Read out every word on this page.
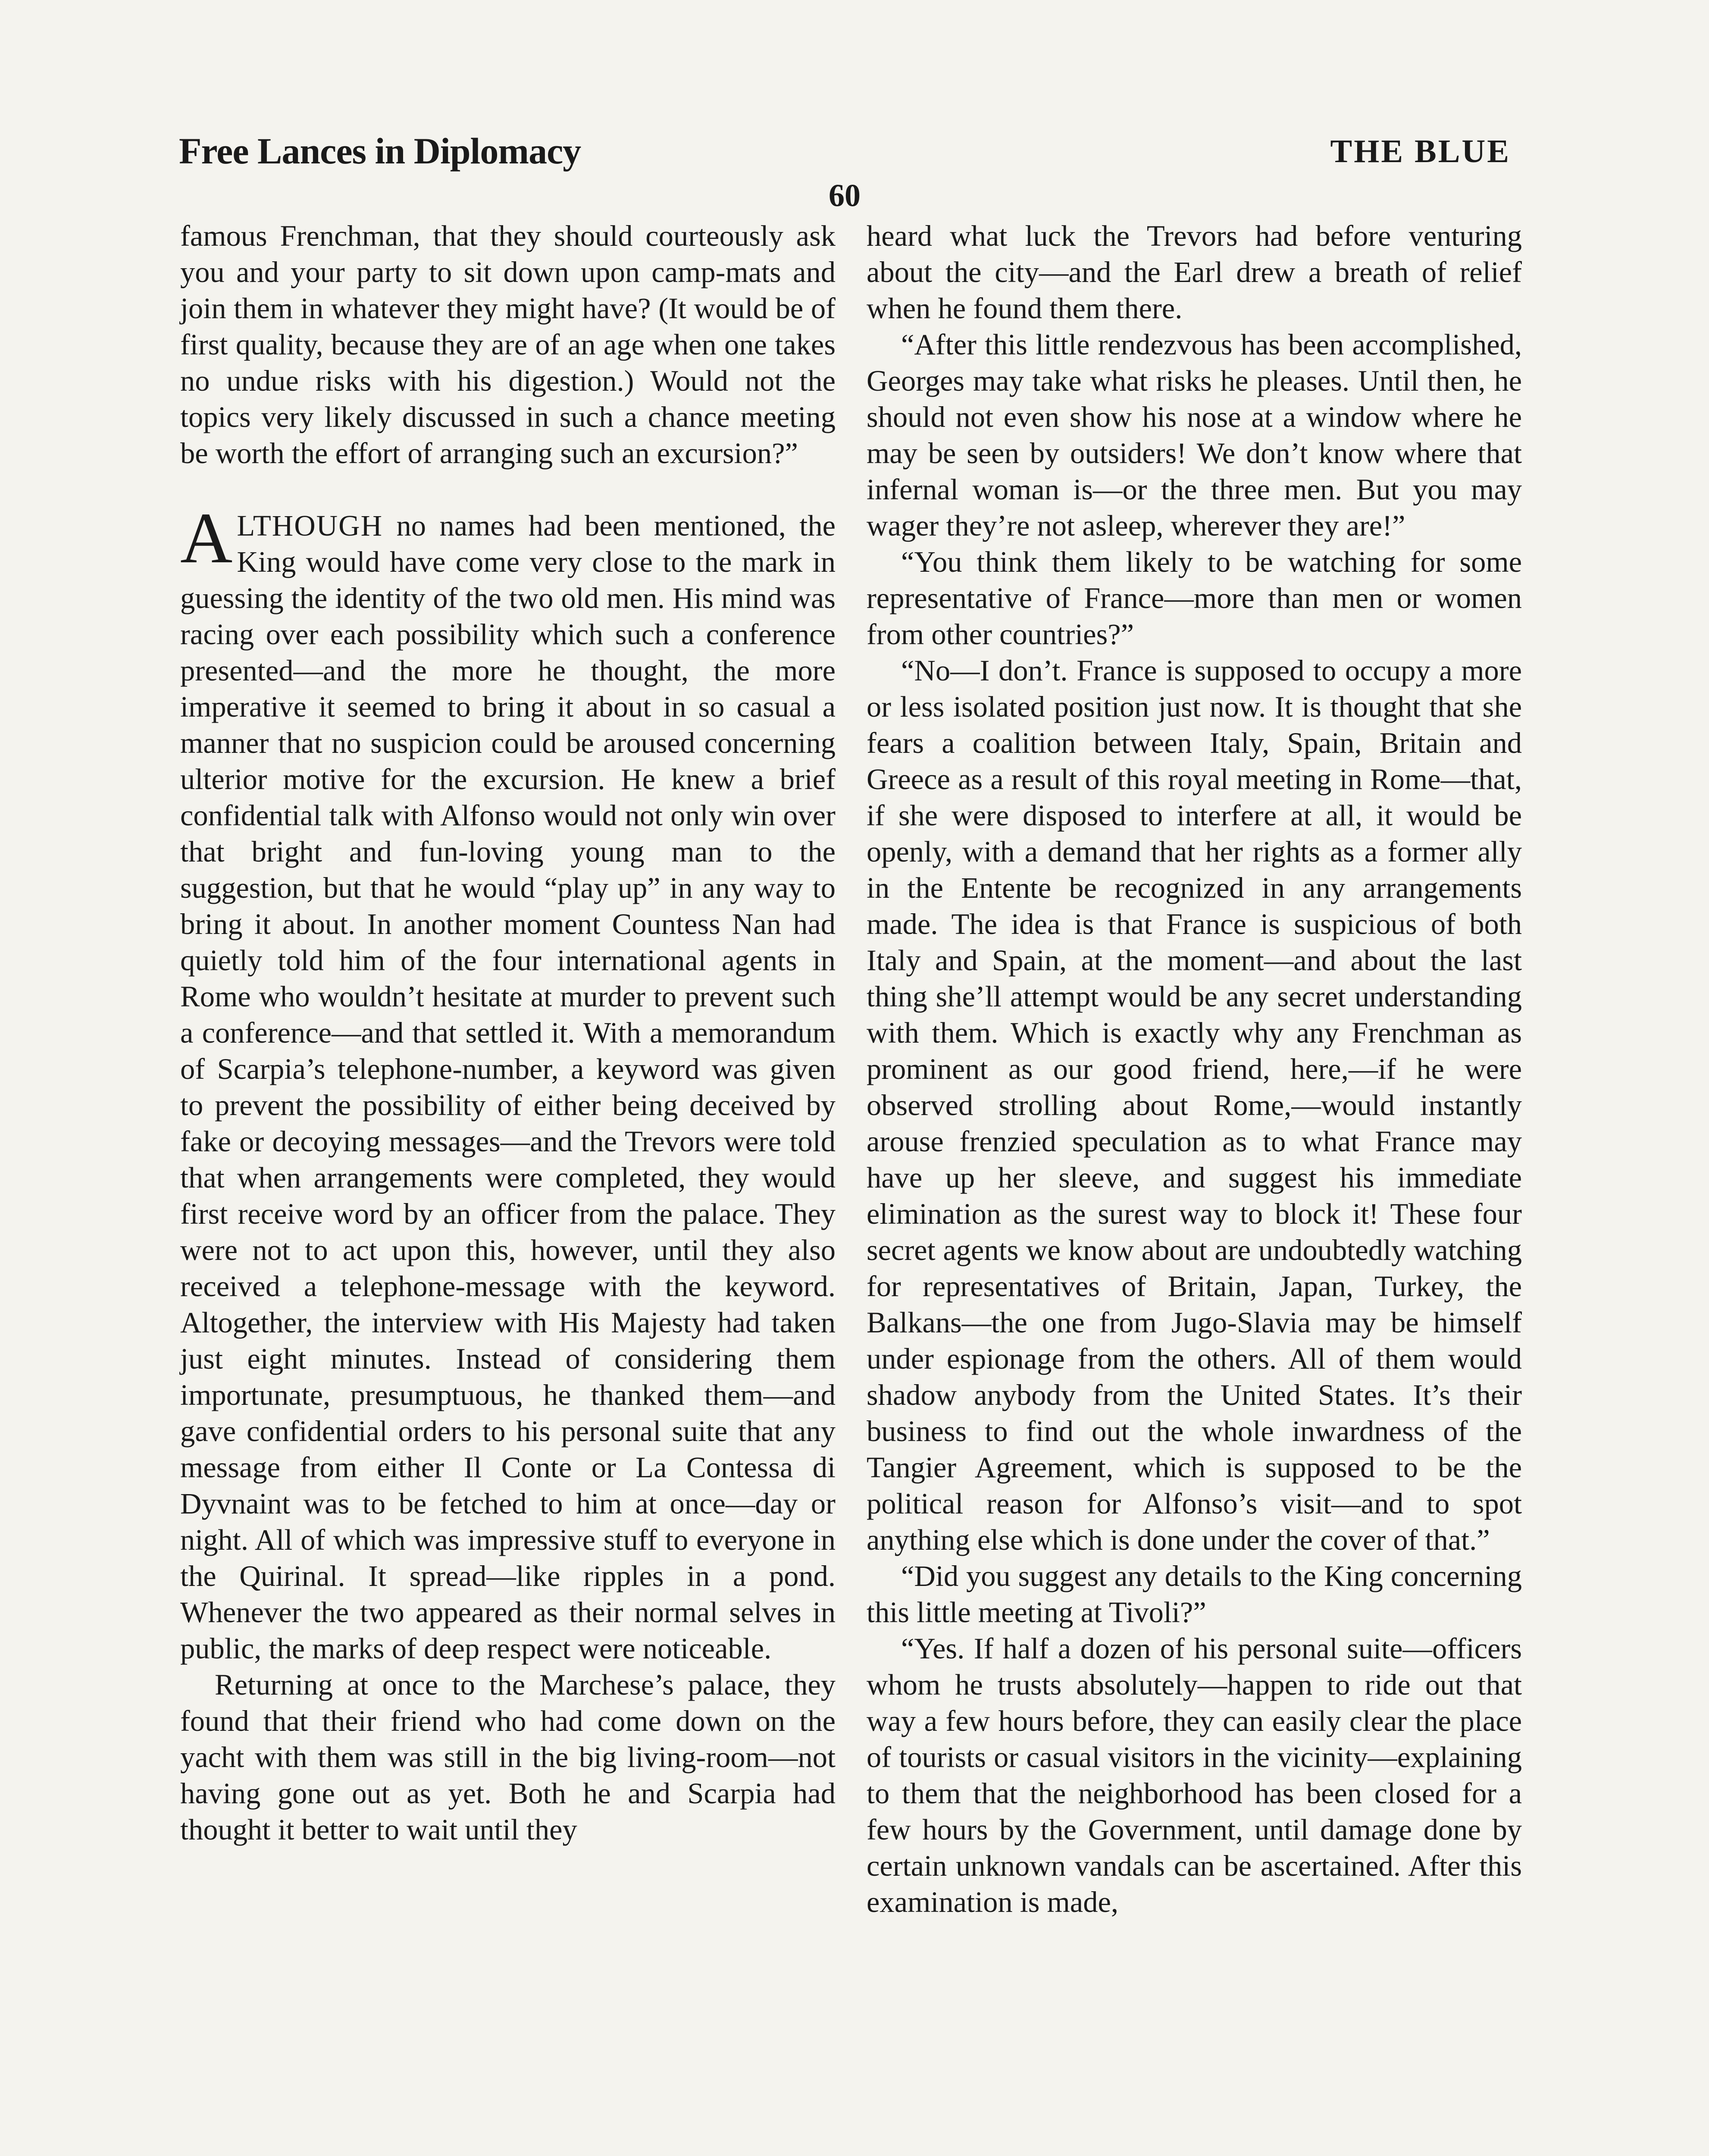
Free Lances in Diplomacy	THE BLUE
60

famous Frenchman, that they should courteously ask you and your party to sit down upon camp-mats and join them in whatever they might have? (It would be of first quality, because they are of an age when one takes no undue risks with his digestion.) Would not the topics very likely discussed in such a chance meeting be worth the effort of arranging such an excursion?”

ALTHOUGH no names had been mentioned, the King would have come very close to the mark in guessing the identity of the two old men. His mind was racing over each possibility which such a conference presented—and the more he thought, the more imperative it seemed to bring it about in so casual a manner that no suspicion could be aroused concerning ulterior motive for the excursion. He knew a brief confidential talk with Alfonso would not only win over that bright and fun-loving young man to the suggestion, but that he would “play up” in any way to bring it about. In another moment Countess Nan had quietly told him of the four international agents in Rome who wouldn’t hesitate at murder to prevent such a conference—and that settled it. With a memorandum of Scarpia’s telephone-number, a keyword was given to prevent the possibility of either being deceived by fake or decoying messages—and the Trevors were told that when arrangements were completed, they would first receive word by an officer from the palace. They were not to act upon this, however, until they also received a telephone-message with the keyword. Altogether, the interview with His Majesty had taken just eight minutes. Instead of considering them importunate, presumptuous, he thanked them—and gave confidential orders to his personal suite that any message from either Il Conte or La Contessa di Dyvnaint was to be fetched to him at once—day or night. All of which was impressive stuff to everyone in the Quirinal. It spread—like ripples in a pond. Whenever the two appeared as their normal selves in public, the marks of deep respect were noticeable.

Returning at once to the Marchese’s palace, they found that their friend who had come down on the yacht with them was still in the big living-room—not having gone out as yet. Both he and Scarpia had thought it better to wait until they

heard what luck the Trevors had before venturing about the city—and the Earl drew a breath of relief when he found them there.

“After this little rendezvous has been accomplished, Georges may take what risks he pleases. Until then, he should not even show his nose at a window where he may be seen by outsiders! We don’t know where that infernal woman is—or the three men. But you may wager they’re not asleep, wherever they are!”

“You think them likely to be watching for some representative of France—more than men or women from other countries?”

“No—I don’t. France is supposed to occupy a more or less isolated position just now. It is thought that she fears a coalition between Italy, Spain, Britain and Greece as a result of this royal meeting in Rome—that, if she were disposed to interfere at all, it would be openly, with a demand that her rights as a former ally in the Entente be recognized in any arrangements made. The idea is that France is suspicious of both Italy and Spain, at the moment—and about the last thing she’ll attempt would be any secret understanding with them. Which is exactly why any Frenchman as prominent as our good friend, here,—if he were observed strolling about Rome,—would instantly arouse frenzied speculation as to what France may have up her sleeve, and suggest his immediate elimination as the surest way to block it! These four secret agents we know about are undoubtedly watching for representatives of Britain, Japan, Turkey, the Balkans—the one from Jugo-Slavia may be himself under espionage from the others. All of them would shadow anybody from the United States. It’s their business to find out the whole inwardness of the Tangier Agreement, which is supposed to be the political reason for Alfonso’s visit—and to spot anything else which is done under the cover of that.”

“Did you suggest any details to the King concerning this little meeting at Tivoli?”

“Yes. If half a dozen of his personal suite—officers whom he trusts absolutely—happen to ride out that way a few hours before, they can easily clear the place of tourists or casual visitors in the vicinity—explaining to them that the neighborhood has been closed for a few hours by the Government, until damage done by certain unknown vandals can be ascertained. After this examination is made,
